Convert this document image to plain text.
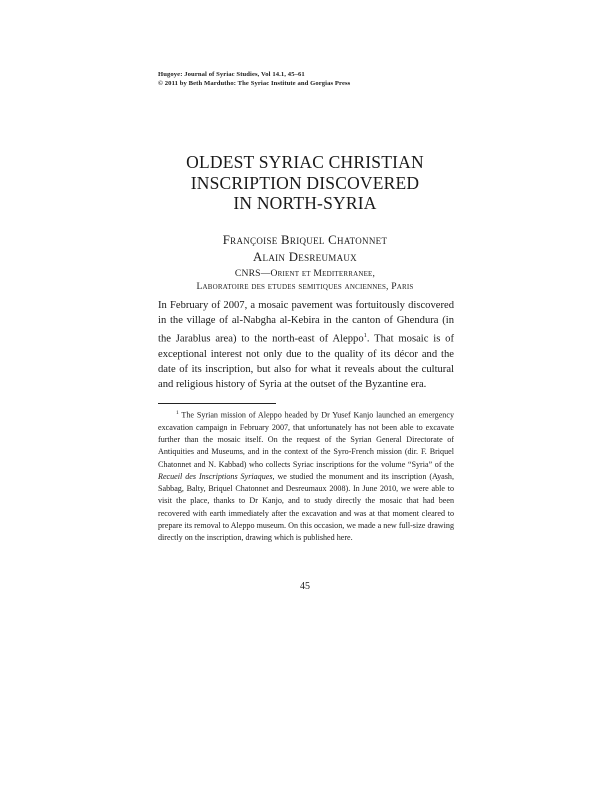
Hugoye: Journal of Syriac Studies, Vol 14.1, 45–61
© 2011 by Beth Mardutho: The Syriac Institute and Gorgias Press
OLDEST SYRIAC CHRISTIAN
INSCRIPTION DISCOVERED
IN NORTH-SYRIA
Françoise Briquel Chatonnet
Alain Desreumaux
CNRS—Orient et Mediterranee,
Laboratoire des etudes semitiques anciennes, Paris

In February of 2007, a mosaic pavement was fortuitously discovered in the village of al-Nabgha al-Kebira in the canton of Ghendura (in the Jarablus area) to the north-east of Aleppo$^1$. That mosaic is of exceptional interest not only due to the quality of its décor and the date of its inscription, but also for what it reveals about the cultural and religious history of Syria at the outset of the Byzantine era.

$^1$ The Syrian mission of Aleppo headed by Dr Yusef Kanjo launched an emergency excavation campaign in February 2007, that unfortunately has not been able to excavate further than the mosaic itself. On the request of the Syrian General Directorate of Antiquities and Museums, and in the context of the Syro-French mission (dir. F. Briquel Chatonnet and N. Kabbad) who collects Syriac inscriptions for the volume “Syria” of the Recueil des Inscriptions Syriaques, we studied the monument and its inscription (Ayash, Sabbag, Balty, Briquel Chatonnet and Desreumaux 2008). In June 2010, we were able to visit the place, thanks to Dr Kanjo, and to study directly the mosaic that had been recovered with earth immediately after the excavation and was at that moment cleared to prepare its removal to Aleppo museum. On this occasion, we made a new full-size drawing directly on the inscription, drawing which is published here.

45
